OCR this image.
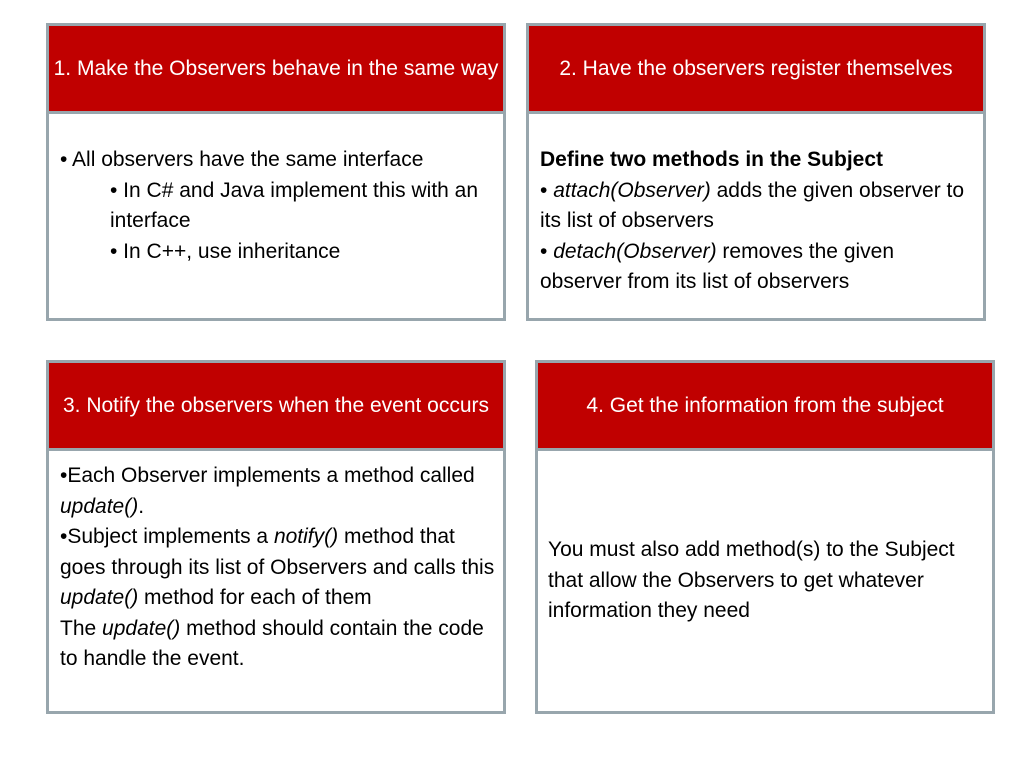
1. Make the Observers behave in the same way
• All observers have the same interface
• In C# and Java implement this with an interface
• In C++, use inheritance
2. Have the observers register themselves
Define two methods in the Subject
• attach(Observer) adds the given observer to its list of observers
• detach(Observer) removes the given observer from its list of observers
3. Notify the observers when the event occurs
•Each Observer implements a method called update().
•Subject implements a notify() method that goes through its list of Observers and calls this update() method for each of them
The update() method should contain the code to handle the event.
4. Get the information from the subject
You must also add method(s) to the Subject that allow the Observers to get whatever information they need
